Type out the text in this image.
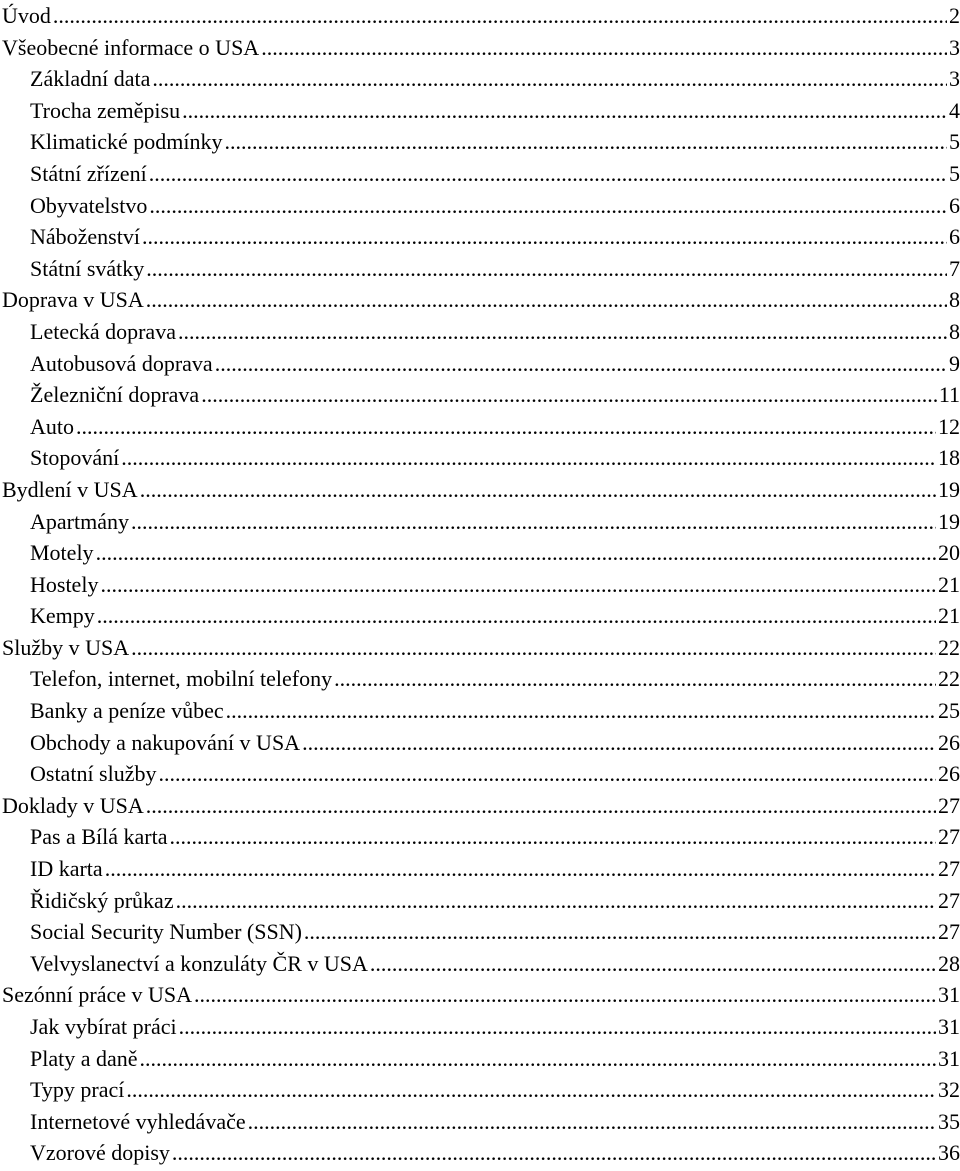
Úvod .....	2
Všeobecné informace o USA .....	3
Základní data .....	3
Trocha zeměpisu .....	4
Klimatické podmínky .....	5
Státní zřízení .....	5
Obyvatelstvo .....	6
Náboženství .....	6
Státní svátky .....	7
Doprava v USA .....	8
Letecká doprava .....	8
Autobusová doprava .....	9
Železniční doprava .....	11
Auto .....	12
Stopování .....	18
Bydlení v USA .....	19
Apartmány .....	19
Motely .....	20
Hostely .....	21
Kempy .....	21
Služby v USA .....	22
Telefon, internet, mobilní telefony .....	22
Banky a peníze vůbec .....	25
Obchody a nakupování v USA .....	26
Ostatní služby .....	26
Doklady v USA .....	27
Pas a Bílá karta .....	27
ID karta .....	27
Řidičský průkaz .....	27
Social Security Number (SSN) .....	27
Velvyslanectví a konzuláty ČR v USA .....	28
Sezónní práce v USA .....	31
Jak vybírat práci .....	31
Platy a daně .....	31
Typy prací .....	32
Internetové vyhledávače .....	35
Vzorové dopisy .....	36
